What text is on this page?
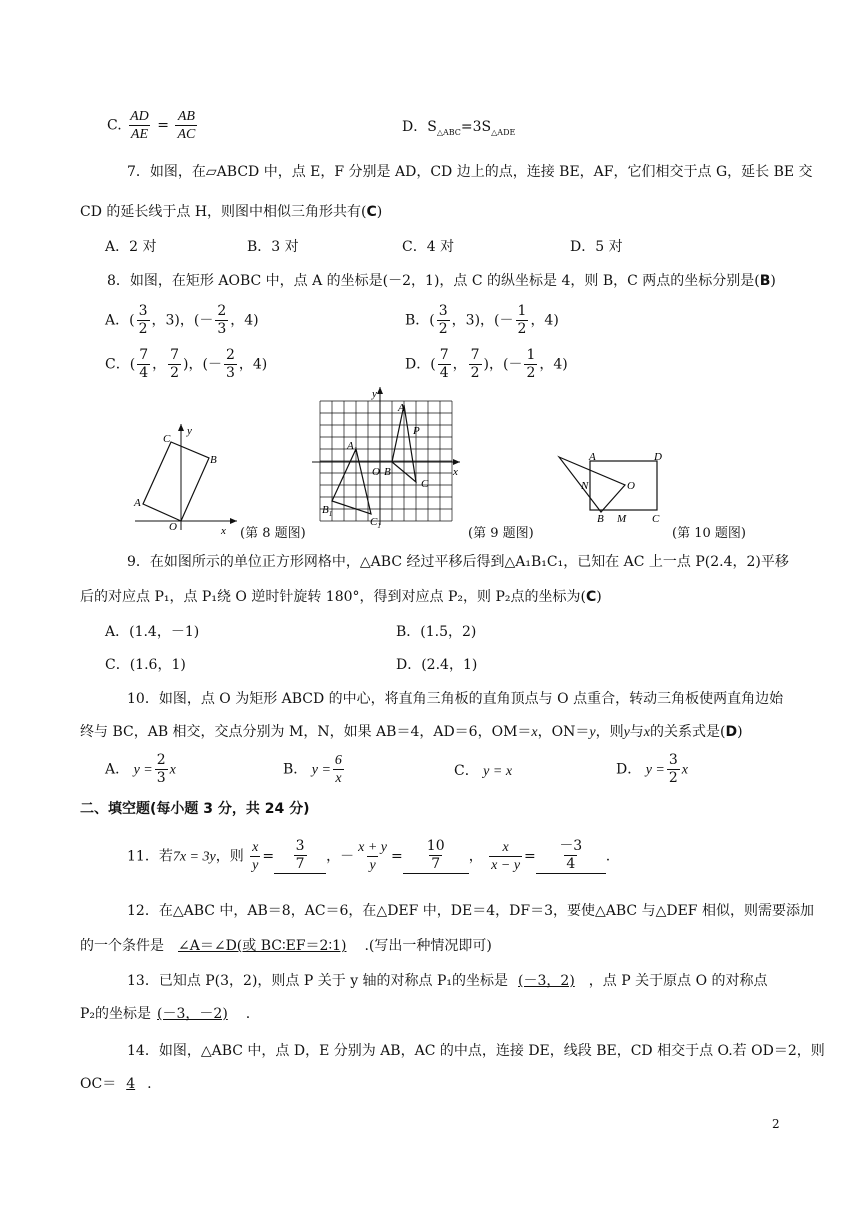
C. $\frac{AD}{AE} = \frac{AB}{AC}$	D．$S_{\triangle ABC}=3S_{\triangle ADE}$
7．如图，在▱ABCD 中，点 E，F 分别是 AD，CD 边上的点，连接 BE，AF，它们相交于点 G，延长 BE 交
CD 的延长线于点 H，则图中相似三角形共有(C)
A．2 对	B．3 对	C．4 对	D．5 对
8．如图，在矩形 AOBC 中，点 A 的坐标是(－2，1)，点 C 的纵坐标是 4，则 B，C 两点的坐标分别是(B)
A．( $\frac{3}{2}$ ，3)，(－ $\frac{2}{3}$ ，4)	B．( $\frac{3}{2}$ ，3)，(－ $\frac{1}{2}$ ，4)
C．( $\frac{7}{4}$ ， $\frac{7}{2}$ )，(－ $\frac{2}{3}$ ，4)	D．( $\frac{7}{4}$ ， $\frac{7}{2}$ )，(－ $\frac{1}{2}$ ，4)
A
C
B
O
y
x (第 8 题图)
A
P
O B
C
$A_1$
$B_1$
$C_1$
x
y
(第 9 题图)
A	D
N	O
B M C
(第 10 题图)
9．在如图所示的单位正方形网格中，△ABC 经过平移后得到△A₁B₁C₁，已知在 AC 上一点 P(2.4，2)平移
后的对应点 P₁，点 P₁绕 O 逆时针旋转 180°，得到对应点 P₂，则 P₂点的坐标为(C)
A．(1.4，－1)	B．(1.5，2)
C．(1.6，1)	D．(2.4，1)
10．如图，点 O 为矩形 ABCD 的中心，将直角三角板的直角顶点与 O 点重合，转动三角板使两直角边始
终与 BC，AB 相交，交点分别为 M，N，如果 AB＝4，AD＝6，OM＝x，ON＝y，则y与x的关系式是(D)
A． $y = \frac{2}{3}$ x	B． $y = \frac{6}{x}$	C． y = x	D． $y = \frac{3}{2}$ x
二、填空题(每小题 3 分，共 24 分)
11．若7x = 3y，则 $\frac{x}{y} = \frac{3}{7}$ ，－ $\frac{x + y}{y} = \frac{10}{7}$ ， $\frac{x}{x - y} = \frac{-3}{4}$ .
12．在△ABC 中，AB＝8，AC＝6，在△DEF 中，DE＝4，DF＝3，要使△ABC 与△DEF 相似，则需要添加
的一个条件是 ∠A＝∠D(或 BC∶EF＝2∶1) .(写出一种情况即可)
13．已知点 P(3，2)，则点 P 关于 y 轴的对称点 P₁的坐标是 (－3，2) ，点 P 关于原点 O 的对称点
P₂的坐标是 (－3，－2) .
14．如图，△ABC 中，点 D，E 分别为 AB，AC 的中点，连接 DE，线段 BE，CD 相交于点 O.若 OD＝2，则
OC＝ 4 .
2
